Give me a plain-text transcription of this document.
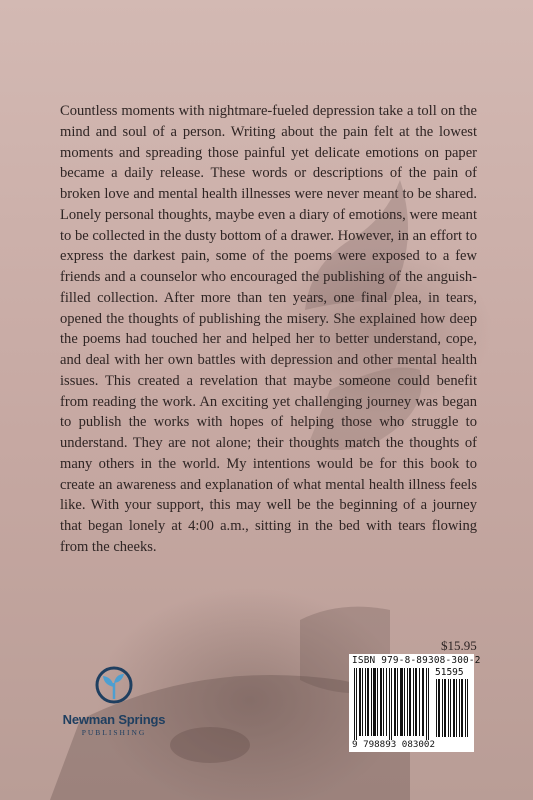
Countless moments with nightmare-fueled depression take a toll on the mind and soul of a person. Writing about the pain felt at the lowest moments and spreading those painful yet delicate emotions on paper became a daily release. These words or descriptions of the pain of broken love and mental health illnesses were never meant to be shared. Lonely personal thoughts, maybe even a diary of emotions, were meant to be collected in the dusty bottom of a drawer. However, in an effort to express the darkest pain, some of the poems were exposed to a few friends and a counselor who encouraged the publishing of the anguish-filled collection. After more than ten years, one final plea, in tears, opened the thoughts of publishing the misery. She explained how deep the poems had touched her and helped her to better understand, cope, and deal with her own battles with depression and other mental health issues. This created a revelation that maybe someone could benefit from reading the work. An exciting yet challenging journey was began to publish the works with hopes of helping those who struggle to understand. They are not alone; their thoughts match the thoughts of many others in the world. My intentions would be for this book to create an awareness and explanation of what mental health illness feels like. With your support, this may well be the beginning of a journey that began lonely at 4:00 a.m., sitting in the bed with tears flowing from the cheeks.

$15.95
ISBN 979-8-89308-300-2
51595
9 798893 083002
Newman Springs
PUBLISHING
